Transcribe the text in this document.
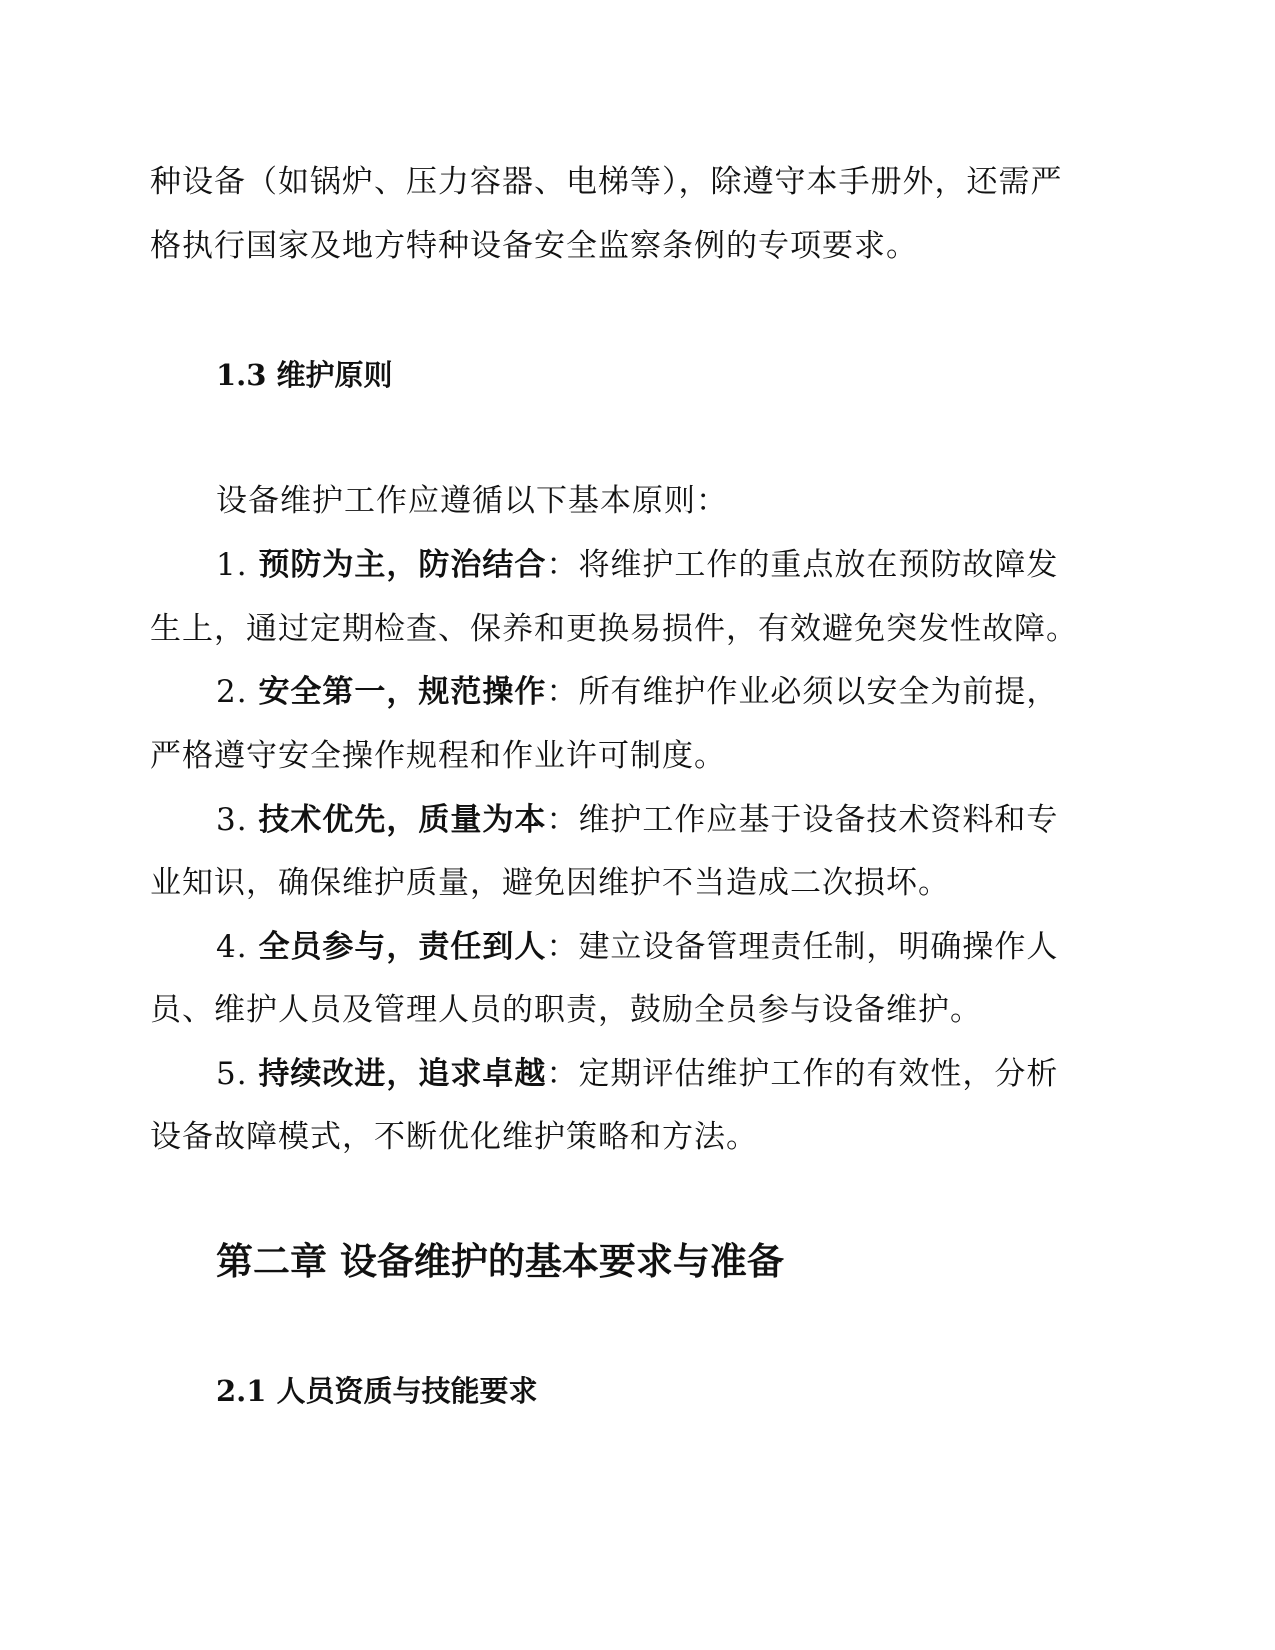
种设备（如锅炉、压力容器、电梯等），除遵守本手册外，还需严
格执行国家及地方特种设备安全监察条例的专项要求。
1.3 维护原则
设备维护工作应遵循以下基本原则：
1. 预防为主，防治结合：将维护工作的重点放在预防故障发
生上，通过定期检查、保养和更换易损件，有效避免突发性故障。
2. 安全第一，规范操作：所有维护作业必须以安全为前提，
严格遵守安全操作规程和作业许可制度。
3. 技术优先，质量为本：维护工作应基于设备技术资料和专
业知识，确保维护质量，避免因维护不当造成二次损坏。
4. 全员参与，责任到人：建立设备管理责任制，明确操作人
员、维护人员及管理人员的职责，鼓励全员参与设备维护。
5. 持续改进，追求卓越：定期评估维护工作的有效性，分析
设备故障模式，不断优化维护策略和方法。
第二章 设备维护的基本要求与准备
2.1 人员资质与技能要求
